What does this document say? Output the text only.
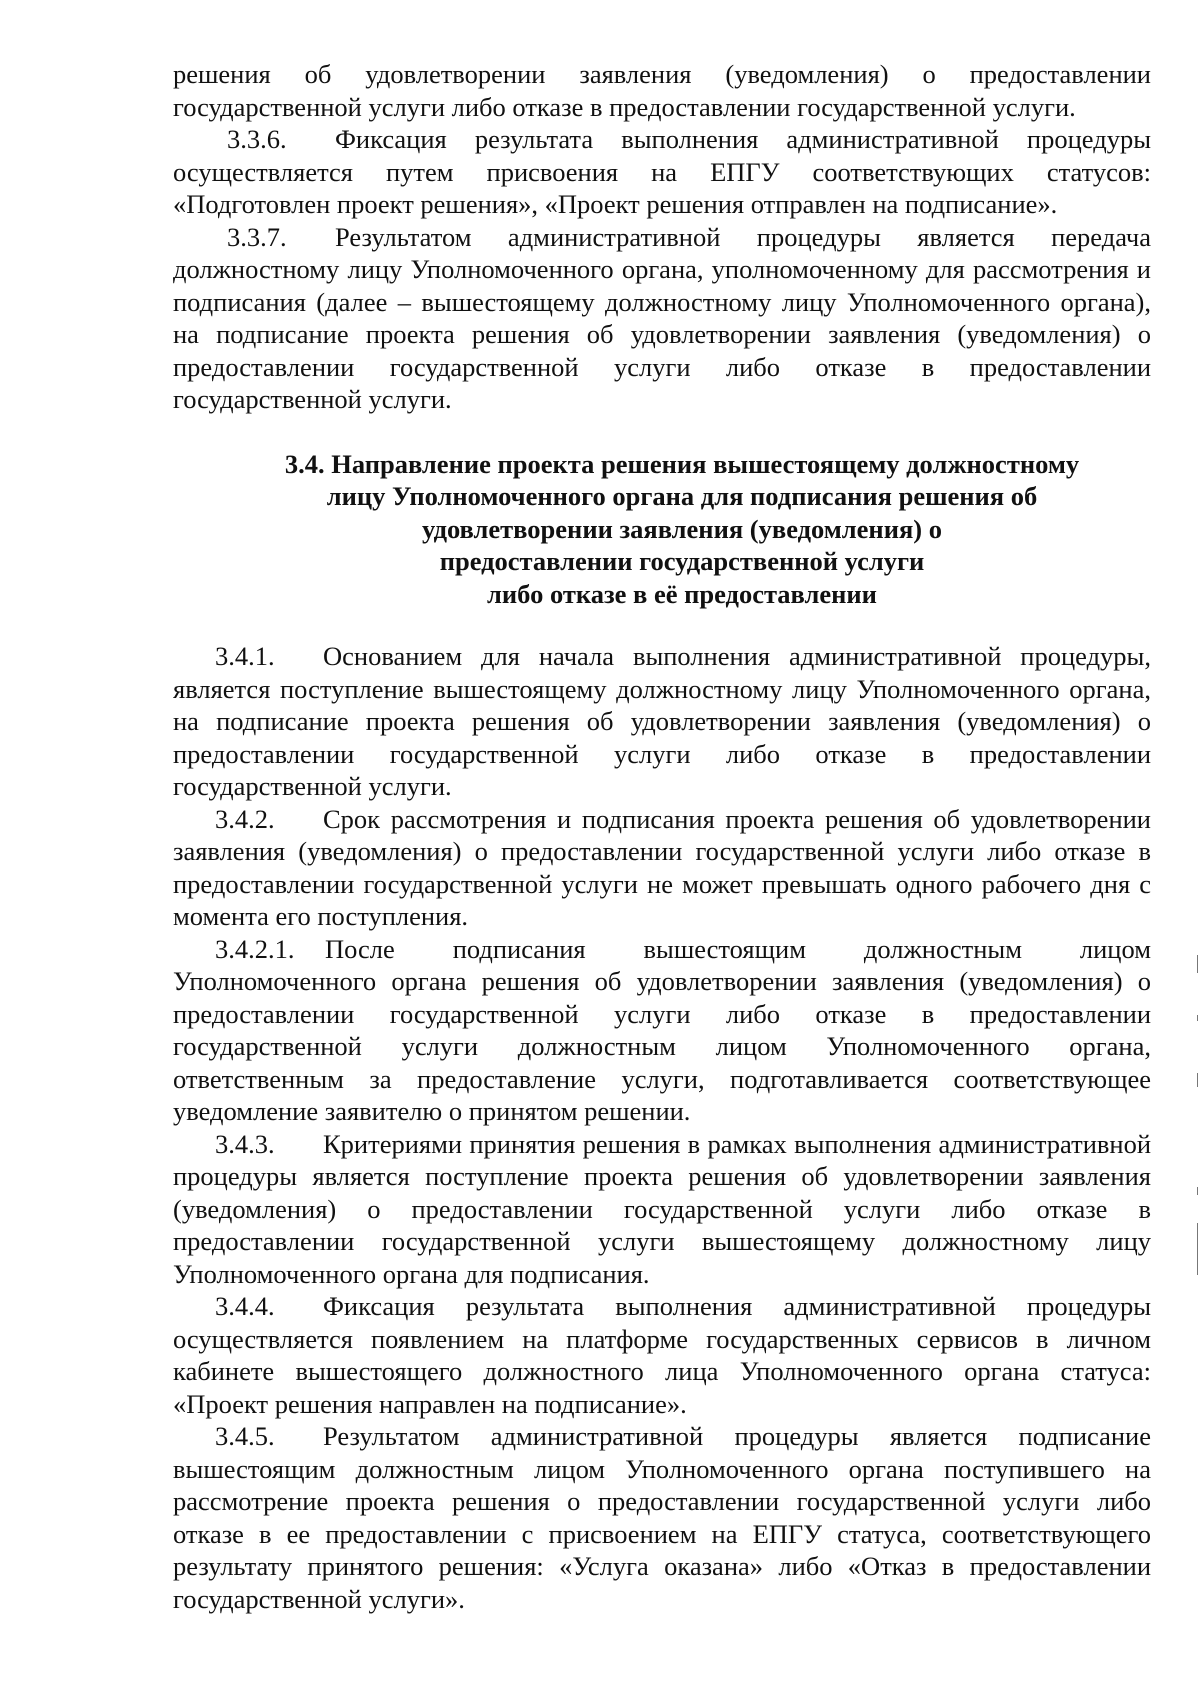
решения об удовлетворении заявления (уведомления) о предоставлении государственной услуги либо отказе в предоставлении государственной услуги.

3.3.6. Фиксация результата выполнения административной процедуры осуществляется путем присвоения на ЕПГУ соответствующих статусов: «Подготовлен проект решения», «Проект решения отправлен на подписание».

3.3.7. Результатом административной процедуры является передача должностному лицу Уполномоченного органа, уполномоченному для рассмотрения и подписания (далее – вышестоящему должностному лицу Уполномоченного органа), на подписание проекта решения об удовлетворении заявления (уведомления) о предоставлении государственной услуги либо отказе в предоставлении государственной услуги.

3.4. Направление проекта решения вышестоящему должностному
лицу Уполномоченного органа для подписания решения об
удовлетворении заявления (уведомления) о
предоставлении государственной услуги
либо отказе в её предоставлении

3.4.1. Основанием для начала выполнения административной процедуры, является поступление вышестоящему должностному лицу Уполномоченного органа, на подписание проекта решения об удовлетворении заявления (уведомления) о предоставлении государственной услуги либо отказе в предоставлении государственной услуги.

3.4.2. Срок рассмотрения и подписания проекта решения об удовлетворении заявления (уведомления) о предоставлении государственной услуги либо отказе в предоставлении государственной услуги не может превышать одного рабочего дня с момента его поступления.

3.4.2.1. После подписания вышестоящим должностным лицом Уполномоченного органа решения об удовлетворении заявления (уведомления) о предоставлении государственной услуги либо отказе в предоставлении государственной услуги должностным лицом Уполномоченного органа, ответственным за предоставление услуги, подготавливается соответствующее уведомление заявителю о принятом решении.

3.4.3. Критериями принятия решения в рамках выполнения административной процедуры является поступление проекта решения об удовлетворении заявления (уведомления) о предоставлении государственной услуги либо отказе в предоставлении государственной услуги вышестоящему должностному лицу Уполномоченного органа для подписания.

3.4.4. Фиксация результата выполнения административной процедуры осуществляется появлением на платформе государственных сервисов в личном кабинете вышестоящего должностного лица Уполномоченного органа статуса: «Проект решения направлен на подписание».

3.4.5. Результатом административной процедуры является подписание вышестоящим должностным лицом Уполномоченного органа поступившего на рассмотрение проекта решения о предоставлении государственной услуги либо отказе в ее предоставлении с присвоением на ЕПГУ статуса, соответствующего результату принятого решения: «Услуга оказана» либо «Отказ в предоставлении государственной услуги».
